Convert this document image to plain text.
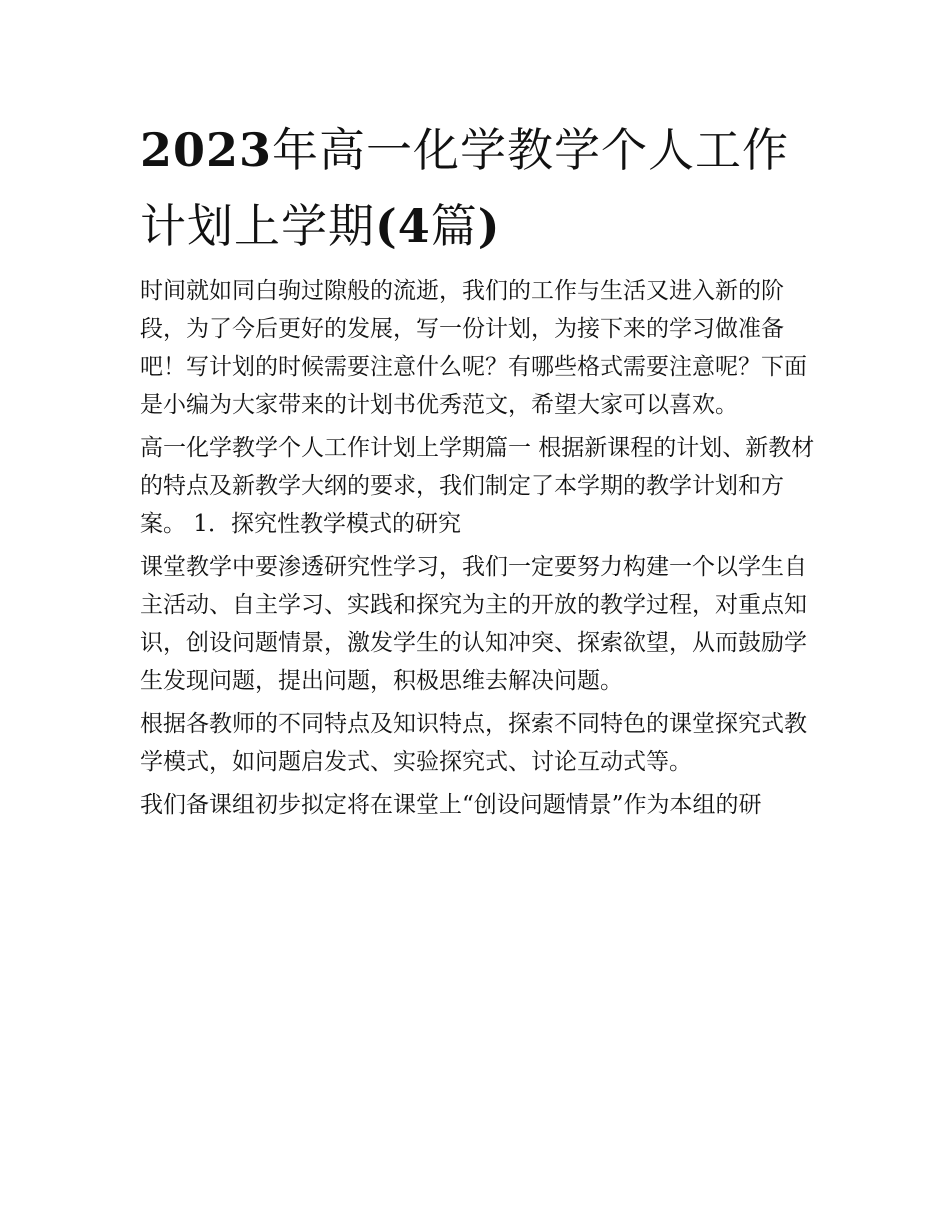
2023年高一化学教学个人工作
计划上学期(4篇)

时间就如同白驹过隙般的流逝，我们的工作与生活又进入新的阶段，为了今后更好的发展，写一份计划，为接下来的学习做准备吧！写计划的时候需要注意什么呢？有哪些格式需要注意呢？下面是小编为大家带来的计划书优秀范文，希望大家可以喜欢。

高一化学教学个人工作计划上学期篇一 根据新课程的计划、新教材的特点及新教学大纲的要求，我们制定了本学期的教学计划和方案。 1．探究性教学模式的研究

课堂教学中要渗透研究性学习，我们一定要努力构建一个以学生自主活动、自主学习、实践和探究为主的开放的教学过程，对重点知识，创设问题情景，激发学生的认知冲突、探索欲望，从而鼓励学生发现问题，提出问题，积极思维去解决问题。

根据各教师的不同特点及知识特点，探索不同特色的课堂探究式教学模式，如问题启发式、实验探究式、讨论互动式等。

我们备课组初步拟定将在课堂上“创设问题情景”作为本组的研
